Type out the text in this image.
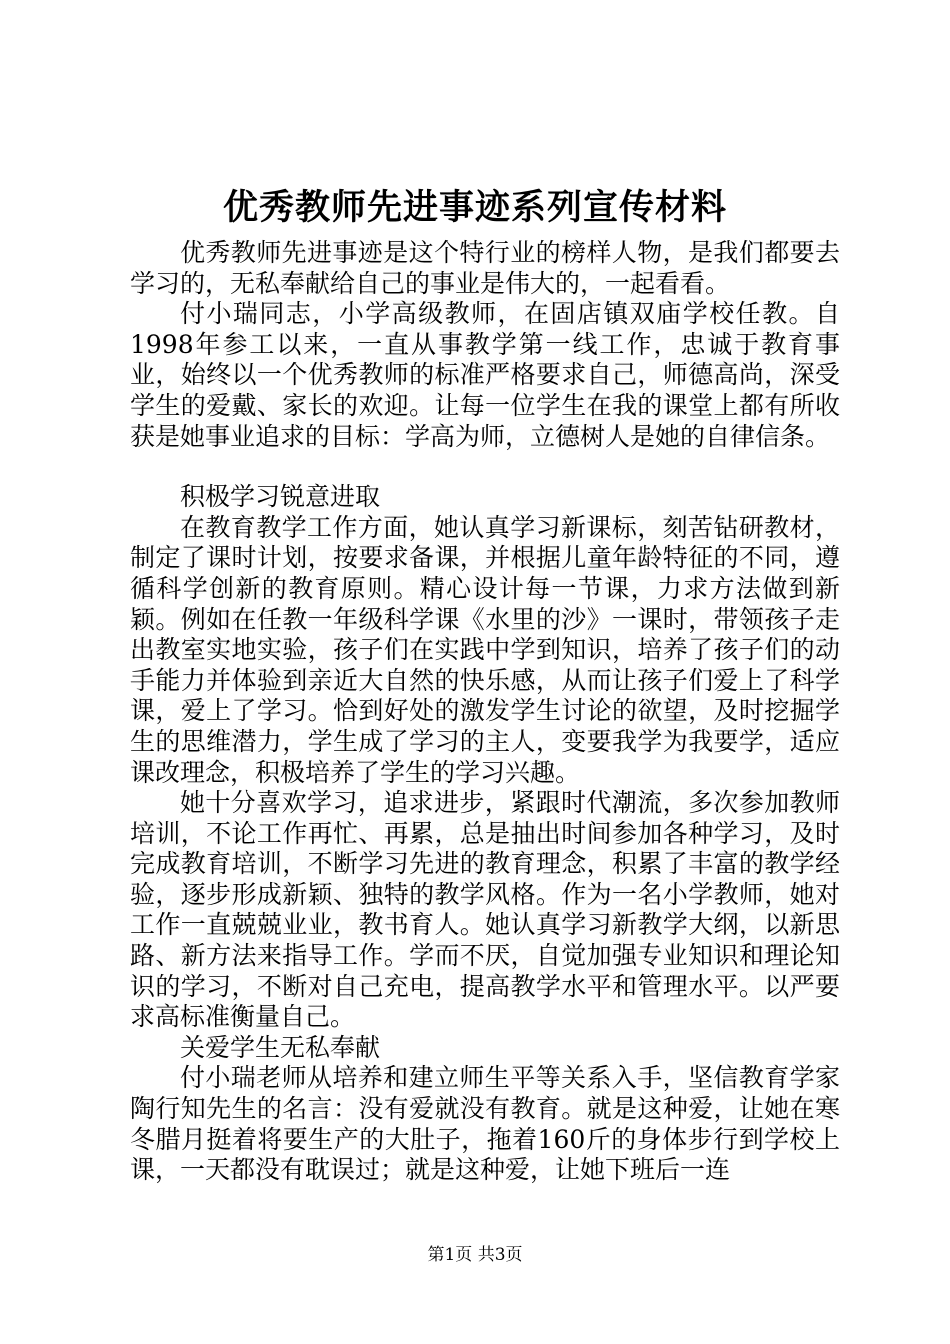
优秀教师先进事迹系列宣传材料

优秀教师先进事迹是这个特行业的榜样人物，是我们都要去学习的，无私奉献给自己的事业是伟大的，一起看看。

付小瑞同志，小学高级教师，在固店镇双庙学校任教。自1998年参工以来，一直从事教学第一线工作，忠诚于教育事业，始终以一个优秀教师的标准严格要求自己，师德高尚，深受学生的爱戴、家长的欢迎。让每一位学生在我的课堂上都有所收获是她事业追求的目标：学高为师，立德树人是她的自律信条。

积极学习锐意进取

在教育教学工作方面，她认真学习新课标，刻苦钻研教材，制定了课时计划，按要求备课，并根据儿童年龄特征的不同，遵循科学创新的教育原则。精心设计每一节课，力求方法做到新颖。例如在任教一年级科学课《水里的沙》一课时，带领孩子走出教室实地实验，孩子们在实践中学到知识，培养了孩子们的动手能力并体验到亲近大自然的快乐感，从而让孩子们爱上了科学课，爱上了学习。恰到好处的激发学生讨论的欲望，及时挖掘学生的思维潜力，学生成了学习的主人，变要我学为我要学，适应课改理念，积极培养了学生的学习兴趣。

她十分喜欢学习，追求进步，紧跟时代潮流，多次参加教师培训，不论工作再忙、再累，总是抽出时间参加各种学习，及时完成教育培训，不断学习先进的教育理念，积累了丰富的教学经验，逐步形成新颖、独特的教学风格。作为一名小学教师，她对工作一直兢兢业业，教书育人。她认真学习新教学大纲，以新思路、新方法来指导工作。学而不厌，自觉加强专业知识和理论知识的学习，不断对自己充电，提高教学水平和管理水平。以严要求高标准衡量自己。

关爱学生无私奉献

付小瑞老师从培养和建立师生平等关系入手，坚信教育学家陶行知先生的名言：没有爱就没有教育。就是这种爱，让她在寒冬腊月挺着将要生产的大肚子，拖着160斤的身体步行到学校上课，一天都没有耽误过；就是这种爱，让她下班后一连

第1页 共3页
